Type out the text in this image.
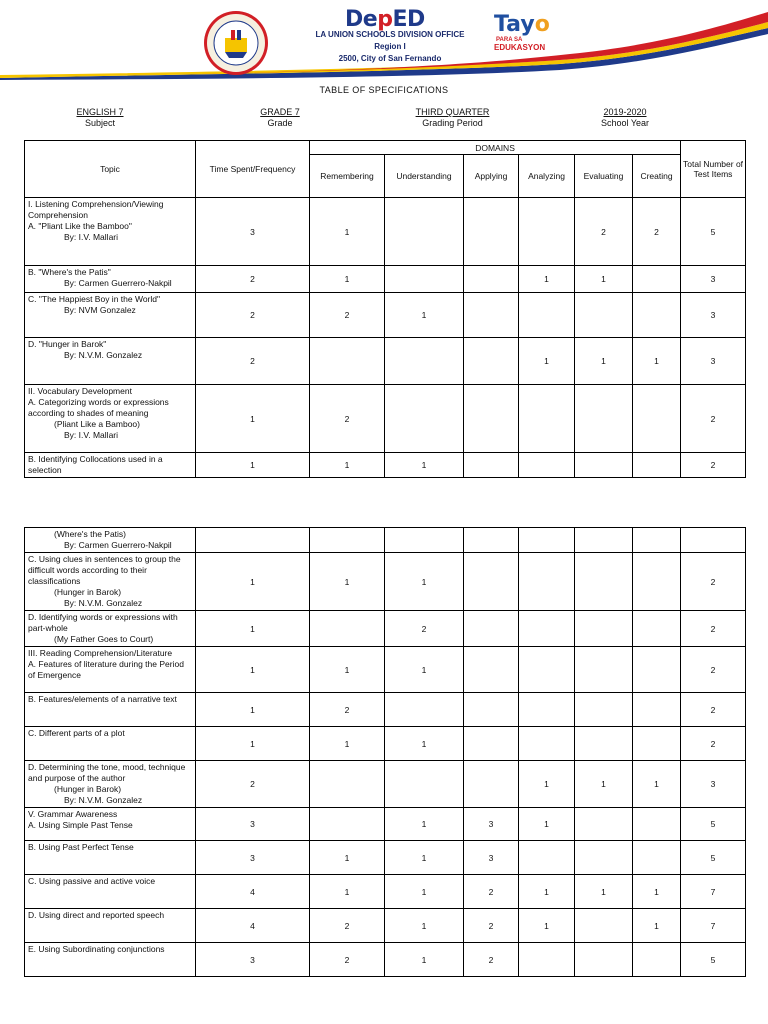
DepED
LA UNION SCHOOLS DIVISION OFFICE
Region I
2500, City of San Fernando
Tayo
PARA SA
EDUKASYON
TABLE OF SPECIFICATIONS
ENGLISH 7
Subject
GRADE 7
Grade
THIRD QUARTER
Grading Period
2019-2020
School Year
Topic	Time Spent/Frequency	DOMAINS						Total Number of Test Items
		Remembering	Understanding	Applying	Analyzing	Evaluating	Creating	

I. Listening Comprehension/Viewing Comprehension
A. "Pliant Like the Bamboo"
By: I.V. Mallari	3	1				2	2	5

B. "Where's the Patis"
By: Carmen Guerrero-Nakpil	2	1			1	1		3

C. "The Happiest Boy in the World"
By: NVM Gonzalez	2	2	1					3

D. "Hunger in Barok"
By: N.V.M. Gonzalez	2				1	1	1	3

II. Vocabulary Development
A. Categorizing words or expressions according to shades of meaning
(Pliant Like a Bamboo)
By: I.V. Mallari	1	2						2

B. Identifying Collocations used in a selection	1	1	1					2
(Where's the Patis)
By: Carmen Guerrero-Nakpil								

C. Using clues in sentences to group the difficult words according to their classifications
(Hunger in Barok)
By: N.V.M. Gonzalez	1	1	1					2

D. Identifying words or expressions with part-whole
(My Father Goes to Court)	1		2					2

III. Reading Comprehension/Literature
A. Features of literature during the Period of Emergence	1	1	1					2

B. Features/elements of a narrative text	1	2						2

C. Different parts of a plot	1	1	1					2

D. Determining the tone, mood, technique and purpose of the author
(Hunger in Barok)
By: N.V.M. Gonzalez	2				1	1	1	3

V. Grammar Awareness
A. Using Simple Past Tense	3		1	3	1			5

B. Using Past Perfect Tense	3	1	1	3				5

C. Using passive and active voice	4	1	1	2	1	1	1	7

D. Using direct and reported speech	4	2	1	2	1		1	7

E. Using Subordinating conjunctions	3	2	1	2				5
